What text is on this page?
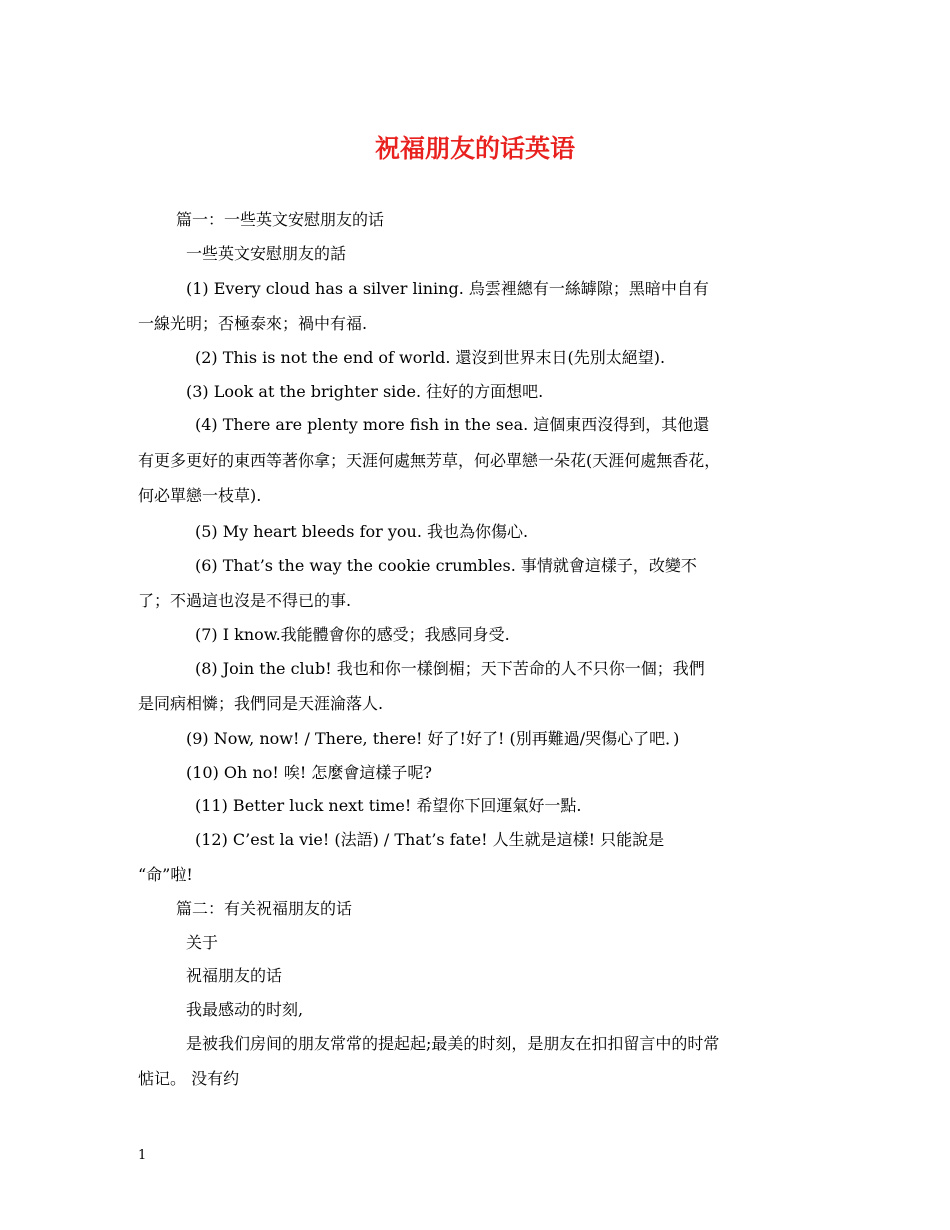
祝福朋友的话英语
篇一：一些英文安慰朋友的话
一些英文安慰朋友的話
(1) Every cloud has a silver lining. 烏雲裡總有一絲罅隙；黑暗中自有
一線光明；否極泰來；禍中有福.
(2) This is not the end of world. 還沒到世界末日(先別太絕望).
(3) Look at the brighter side. 往好的方面想吧.
(4) There are plenty more fish in the sea. 這個東西沒得到，其他還
有更多更好的東西等著你拿；天涯何處無芳草，何必單戀一朵花(天涯何處無香花，
何必單戀一枝草).
(5) My heart bleeds for you. 我也為你傷心.
(6) That’s the way the cookie crumbles. 事情就會這樣子，改變不
了；不過這也沒是不得已的事.
(7) I know.我能體會你的感受；我感同身受.
(8) Join the club! 我也和你一樣倒楣；天下苦命的人不只你一個；我們
是同病相憐；我們同是天涯淪落人.
(9) Now, now! / There, there! 好了!好了! (別再難過/哭傷心了吧．)
(10) Oh no! 唉! 怎麼會這樣子呢?
(11) Better luck next time! 希望你下回運氣好一點.
(12) C’est la vie! (法語) / That’s fate! 人生就是這樣! 只能說是
“命”啦!
篇二：有关祝福朋友的话
关于
祝福朋友的话
我最感动的时刻,
是被我们房间的朋友常常的提起起;最美的时刻，是朋友在扣扣留言中的时常
惦记。 没有约
1
